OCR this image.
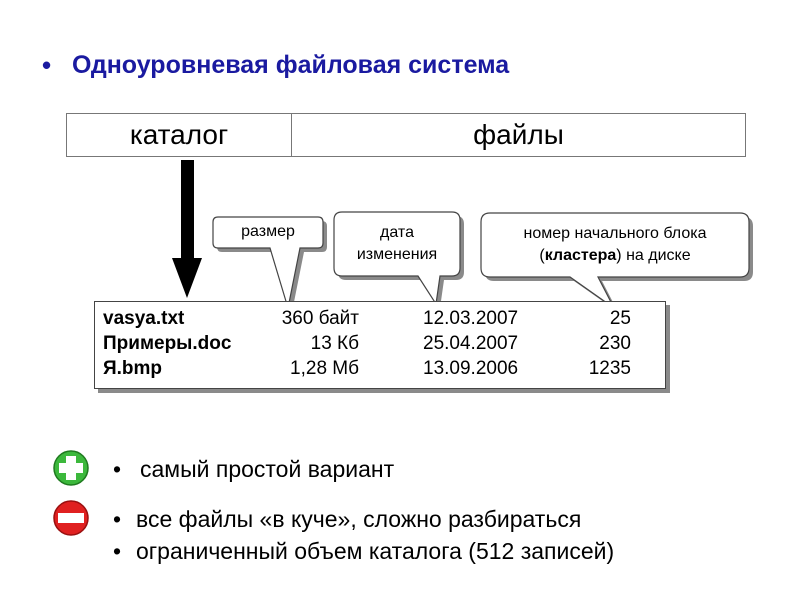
• Одноуровневая файловая система
каталог	файлы
размер	дата
изменения
номер начального блока
(кластера) на диске
vasya.txt	360 байт	12.03.2007	25
Примеры.doc	13 Кб	25.04.2007	230
Я.bmp	1,28 Мб	13.09.2006	1235
• самый простой вариант
• все файлы «в куче», сложно разбираться
• ограниченный объем каталога (512 записей)
